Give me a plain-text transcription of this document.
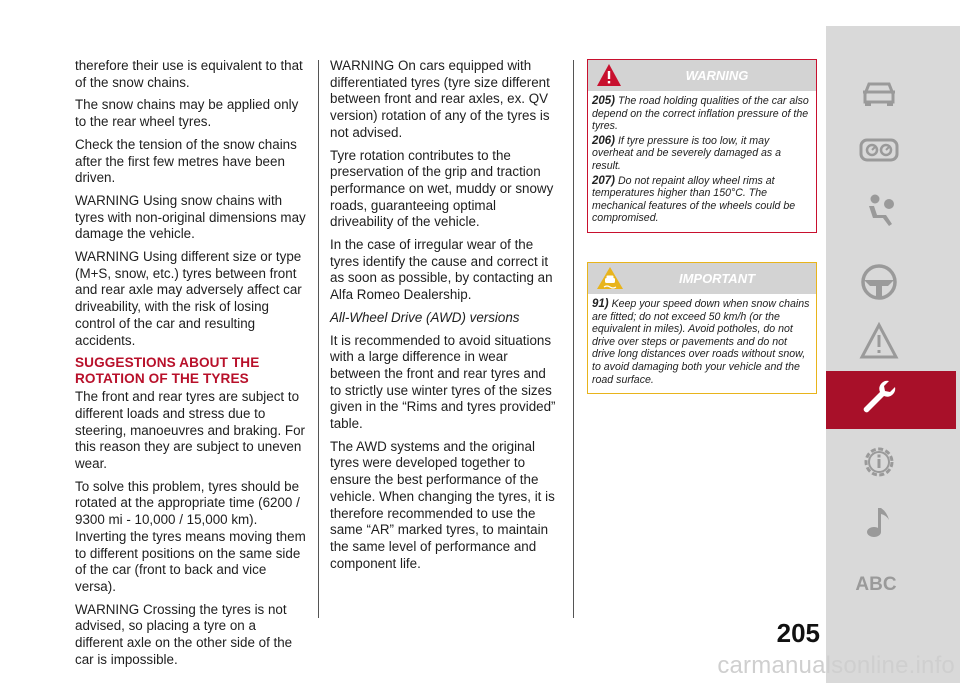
therefore their use is equivalent to that of the snow chains.

The snow chains may be applied only to the rear wheel tyres.

Check the tension of the snow chains after the first few metres have been driven.

WARNING Using snow chains with tyres with non-original dimensions may damage the vehicle.

WARNING Using different size or type (M+S, snow, etc.) tyres between front and rear axle may adversely affect car driveability, with the risk of losing control of the car and resulting accidents.

SUGGESTIONS ABOUT THE ROTATION OF THE TYRES

The front and rear tyres are subject to different loads and stress due to steering, manoeuvres and braking. For this reason they are subject to uneven wear.

To solve this problem, tyres should be rotated at the appropriate time (6200 / 9300 mi - 10,000 / 15,000 km). Inverting the tyres means moving them to different positions on the same side of the car (front to back and vice versa).

WARNING Crossing the tyres is not advised, so placing a tyre on a different axle on the other side of the car is impossible.

WARNING On cars equipped with differentiated tyres (tyre size different between front and rear axles, ex. QV version) rotation of any of the tyres is not advised.

Tyre rotation contributes to the preservation of the grip and traction performance on wet, muddy or snowy roads, guaranteeing optimal driveability of the vehicle.

In the case of irregular wear of the tyres identify the cause and correct it as soon as possible, by contacting an Alfa Romeo Dealership.

All-Wheel Drive (AWD) versions

It is recommended to avoid situations with a large difference in wear between the front and rear tyres and to strictly use winter tyres of the sizes given in the “Rims and tyres provided” table.

The AWD systems and the original tyres were developed together to ensure the best performance of the vehicle. When changing the tyres, it is therefore recommended to use the same “AR” marked tyres, to maintain the same level of performance and component life.

WARNING

205) The road holding qualities of the car also depend on the correct inflation pressure of the tyres.

206) If tyre pressure is too low, it may overheat and be severely damaged as a result.

207) Do not repaint alloy wheel rims at temperatures higher than 150°C. The mechanical features of the wheels could be compromised.

IMPORTANT

91) Keep your speed down when snow chains are fitted; do not exceed 50 km/h (or the equivalent in miles). Avoid potholes, do not drive over steps or pavements and do not drive long distances over roads without snow, to avoid damaging both your vehicle and the road surface.

ABC
205
carmanualsonline.info
